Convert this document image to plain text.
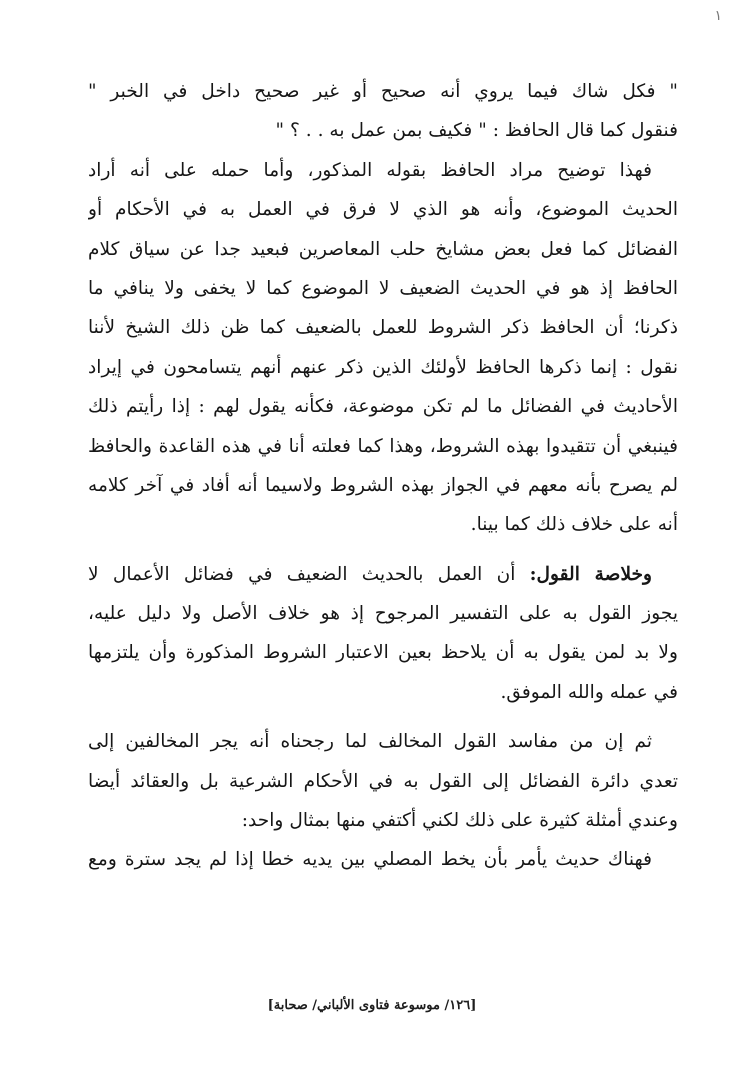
١
" فكل شاك فيما يروي أنه صحيح أو غير صحيح داخل في الخبر "
فنقول كما قال الحافظ : " فكيف بمن عمل به . . ؟ "
فهذا توضيح مراد الحافظ بقوله المذكور، وأما حمله على أنه أراد
الحديث الموضوع، وأنه هو الذي لا فرق في العمل به في الأحكام أو
الفضائل كما فعل بعض مشايخ حلب المعاصرين فبعيد جدا عن سياق كلام
الحافظ إذ هو في الحديث الضعيف لا الموضوع كما لا يخفى ولا ينافي ما
ذكرنا؛ أن الحافظ ذكر الشروط للعمل بالضعيف كما ظن ذلك الشيخ لأننا
نقول : إنما ذكرها الحافظ لأولئك الذين ذكر عنهم أنهم يتسامحون في إيراد
الأحاديث في الفضائل ما لم تكن موضوعة، فكأنه يقول لهم : إذا رأيتم ذلك
فينبغي أن تتقيدوا بهذه الشروط، وهذا كما فعلته أنا في هذه القاعدة والحافظ
لم يصرح بأنه معهم في الجواز بهذه الشروط ولاسيما أنه أفاد في آخر كلامه
أنه على خلاف ذلك كما بينا.
وخلاصة القول: أن العمل بالحديث الضعيف في فضائل الأعمال لا
يجوز القول به على التفسير المرجوح إذ هو خلاف الأصل ولا دليل عليه،
ولا بد لمن يقول به أن يلاحظ بعين الاعتبار الشروط المذكورة وأن يلتزمها
في عمله والله الموفق.
ثم إن من مفاسد القول المخالف لما رجحناه أنه يجر المخالفين إلى
تعدي دائرة الفضائل إلى القول به في الأحكام الشرعية بل والعقائد أيضا
وعندي أمثلة كثيرة على ذلك لكني أكتفي منها بمثال واحد:
فهناك حديث يأمر بأن يخط المصلي بين يديه خطا إذا لم يجد سترة ومع
[١٢٦/ موسوعة فتاوى الألباني/ صحابة]
